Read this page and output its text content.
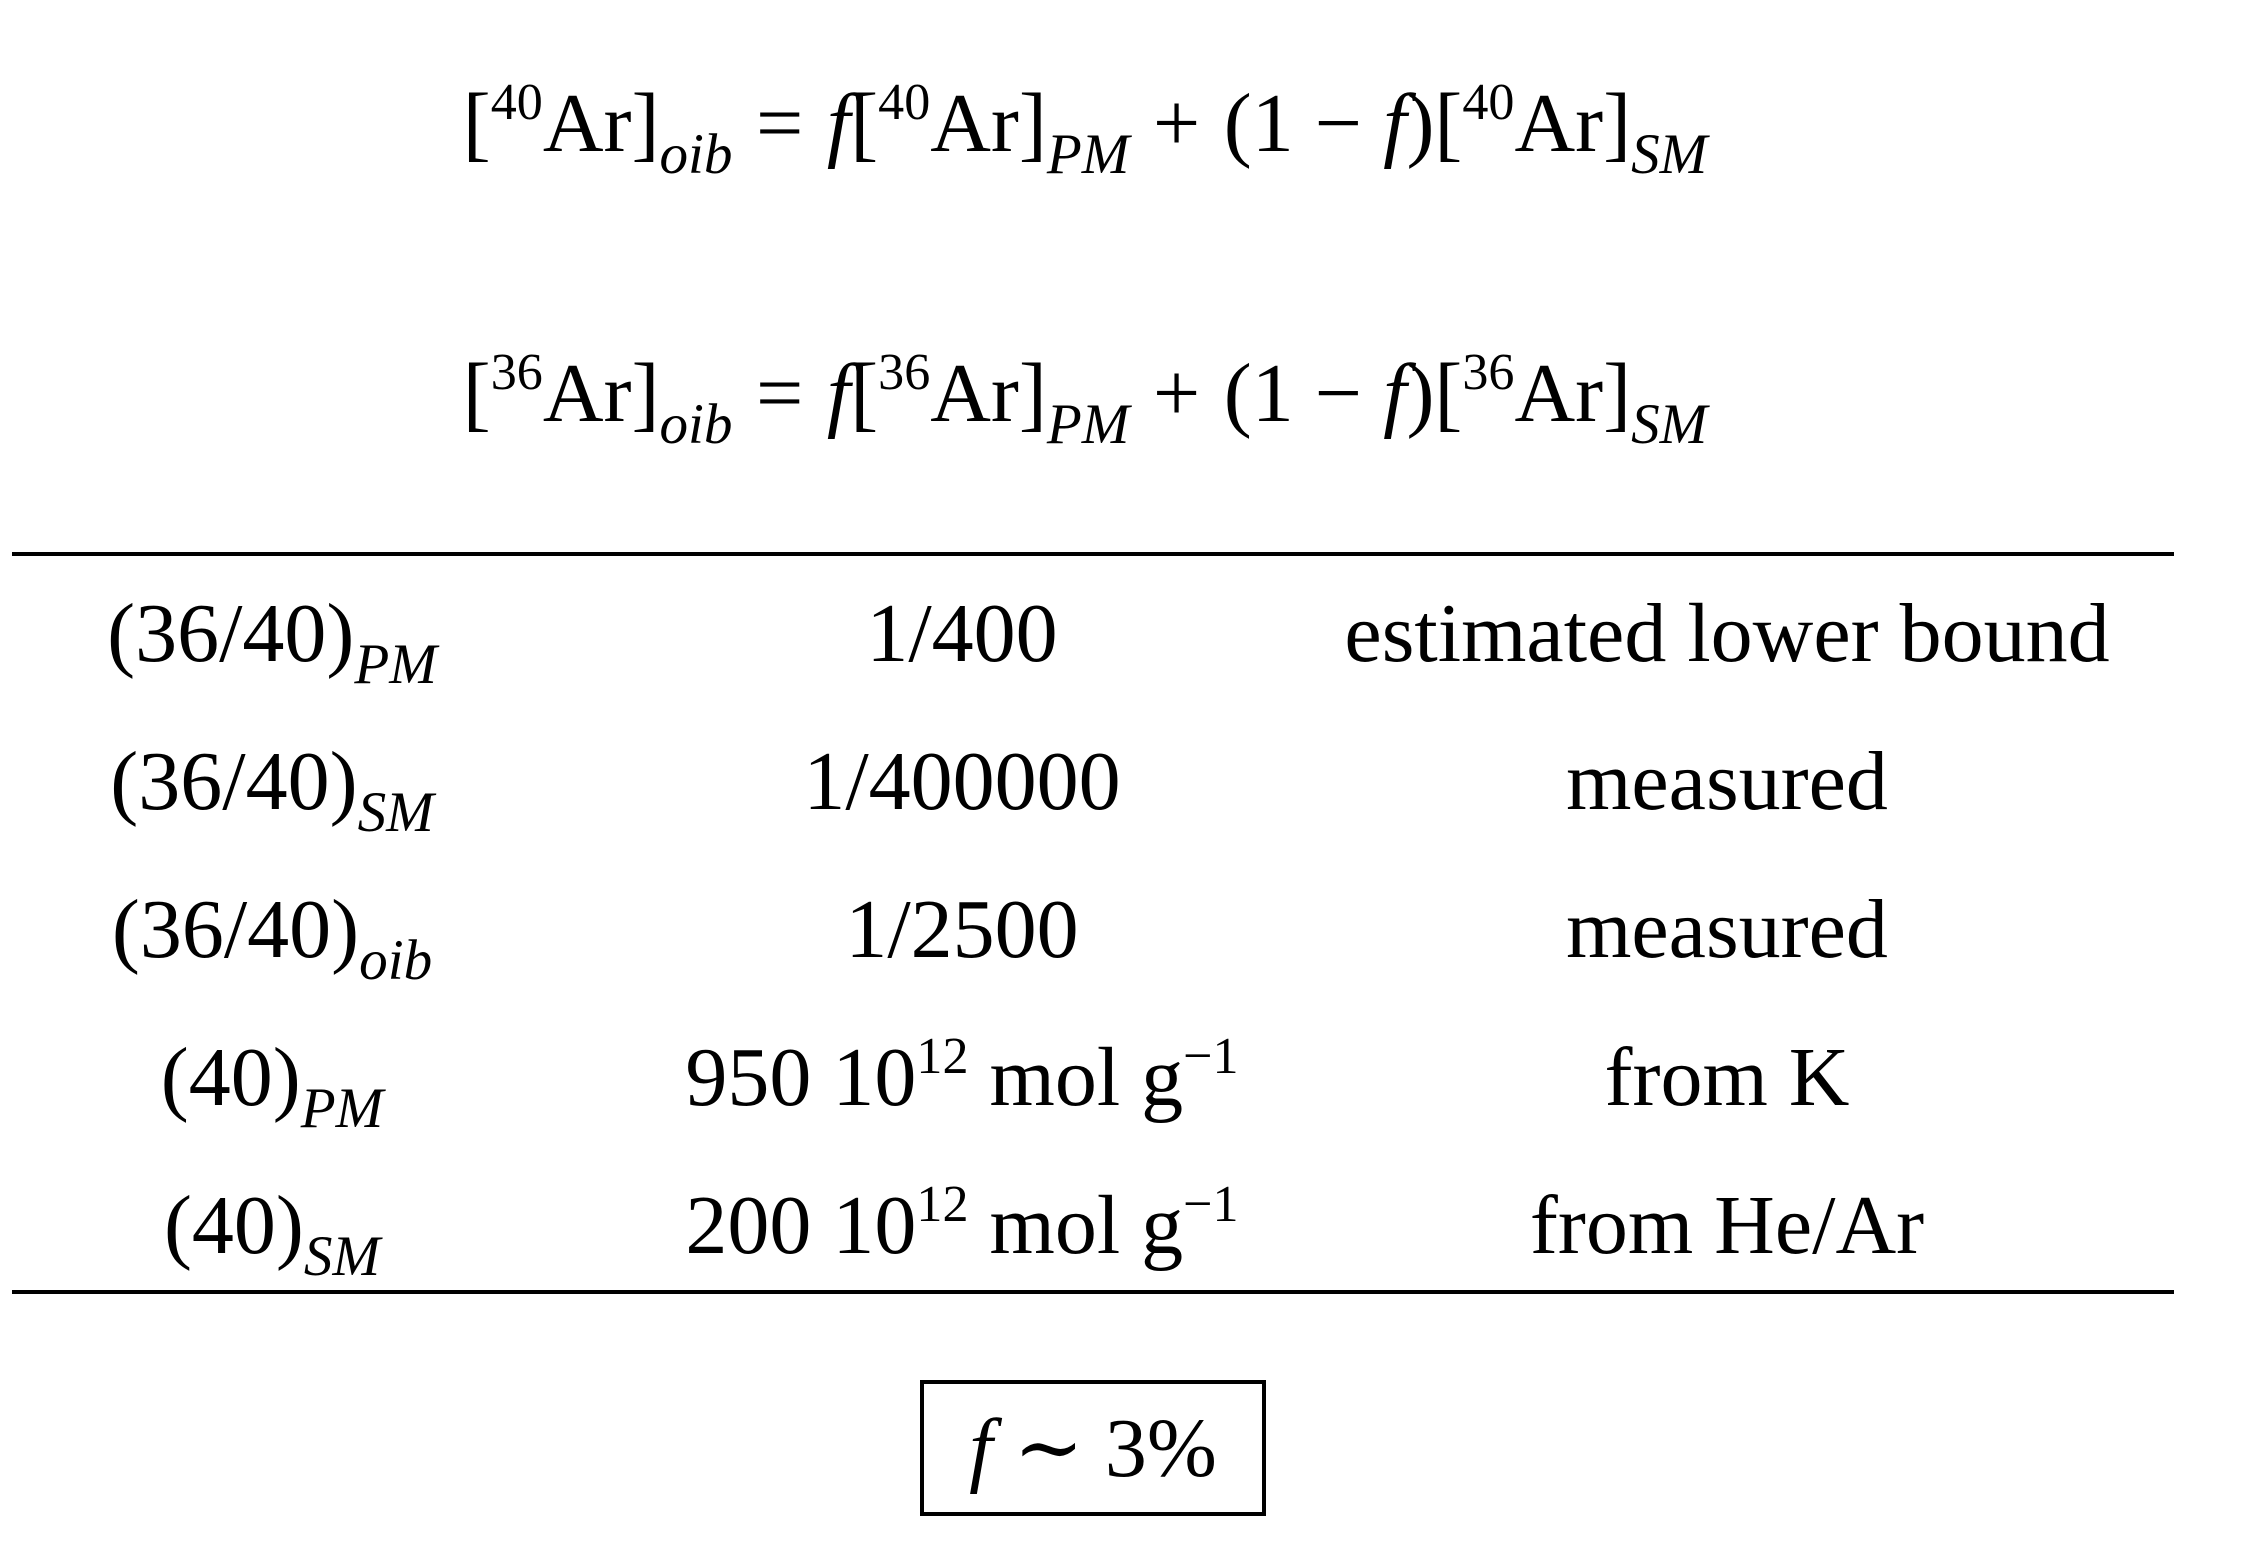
$[^{40}Ar]_{oib} = f[^{40}Ar]_{PM} + (1 - f)[^{40}Ar]_{SM}$
$[^{36}Ar]_{oib} = f[^{36}Ar]_{PM} + (1 - f)[^{36}Ar]_{SM}$
$(36/40)_{PM}$	1/400	estimated lower bound
$(36/40)_{SM}$	1/400000	measured
$(36/40)_{oib}$	1/2500	measured
$(40)_{PM}$	950 $10^{12}$ mol $g^{-1}$	from K
$(40)_{SM}$	200 $10^{12}$ mol $g^{-1}$	from He/Ar
f ∼ 3%
